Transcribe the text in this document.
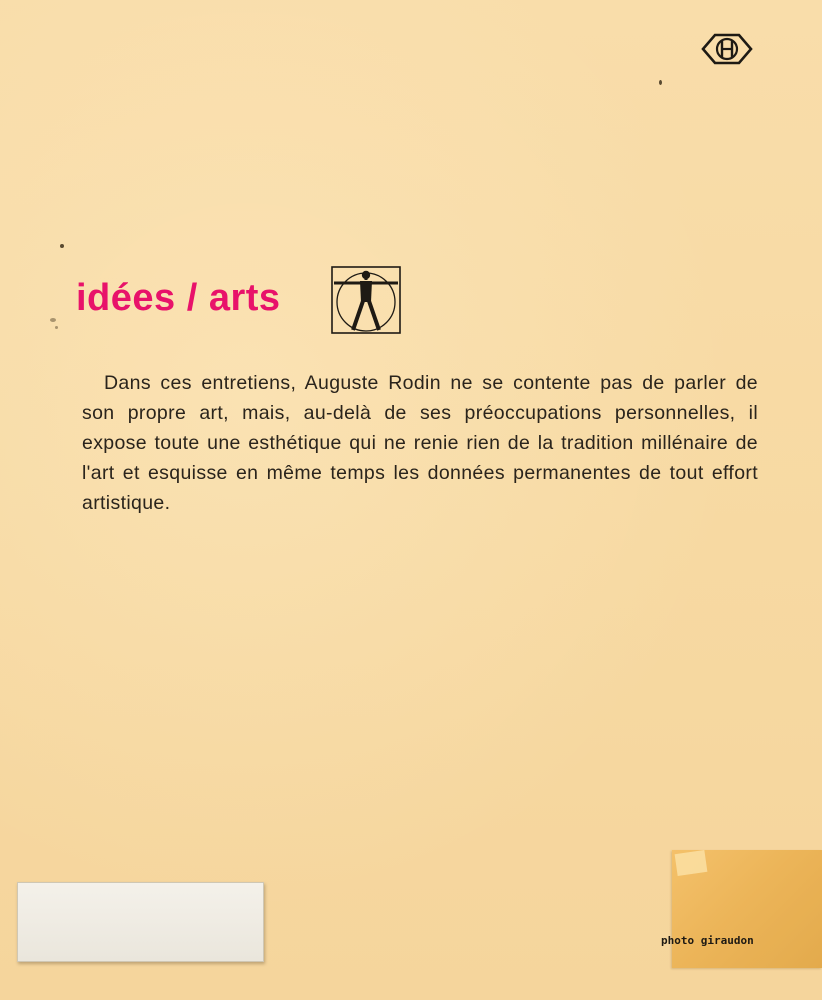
idées / arts

Dans ces entretiens, Auguste Rodin ne se contente pas de parler de son propre art, mais, au-delà de ses préoccupations personnelles, il expose toute une esthétique qui ne renie rien de la tradition millénaire de l'art et esquisse en même temps les données permanentes de tout effort artistique.

photo giraudon
